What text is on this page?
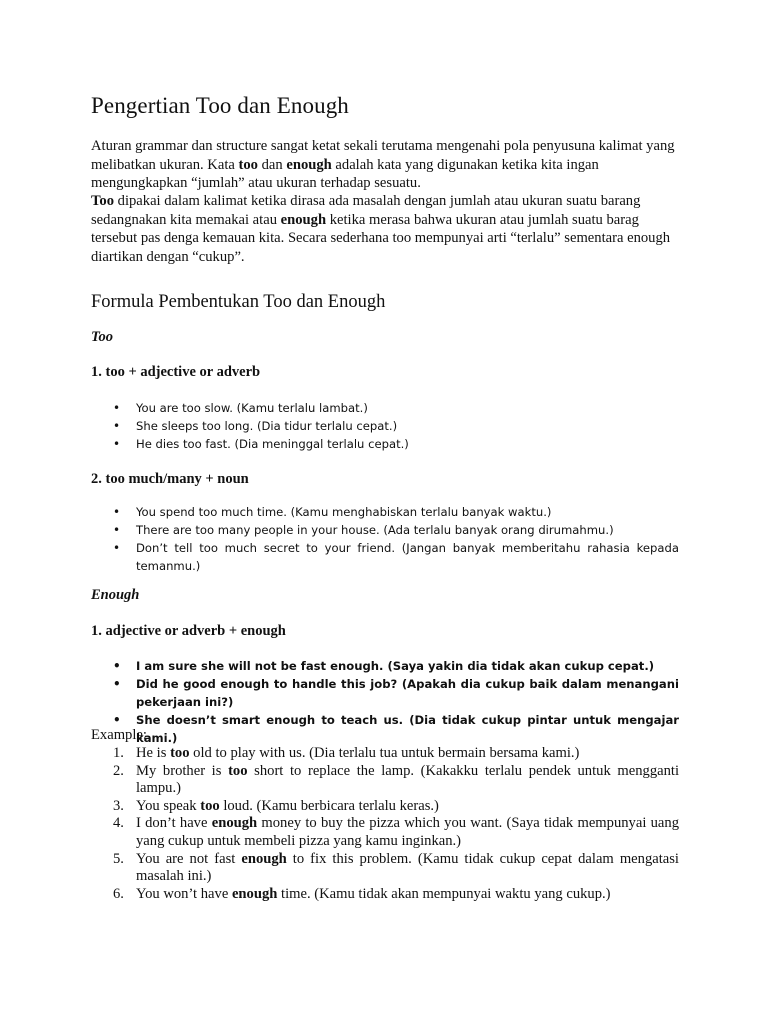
Pengertian Too dan Enough

Aturan grammar dan structure sangat ketat sekali terutama mengenahi pola penyusuna kalimat yang melibatkan ukuran. Kata too dan enough adalah kata yang digunakan ketika kita ingan mengungkapkan “jumlah” atau ukuran terhadap sesuatu.

Too dipakai dalam kalimat ketika dirasa ada masalah dengan jumlah atau ukuran suatu barang sedangnakan kita memakai atau enough ketika merasa bahwa ukuran atau jumlah suatu barag tersebut pas denga kemauan kita. Secara sederhana too mempunyai arti “terlalu” sementara enough diartikan dengan “cukup”.

Formula Pembentukan Too dan Enough

Too

1. too + adjective or adverb

• You are too slow. (Kamu terlalu lambat.)
• She sleeps too long. (Dia tidur terlalu cepat.)
• He dies too fast. (Dia meninggal terlalu cepat.)

2. too much/many + noun

• You spend too much time. (Kamu menghabiskan terlalu banyak waktu.)
• There are too many people in your house. (Ada terlalu banyak orang dirumahmu.)
• Don’t tell too much secret to your friend. (Jangan banyak memberitahu rahasia kepada temanmu.)

Enough

1. adjective or adverb + enough

• I am sure she will not be fast enough. (Saya yakin dia tidak akan cukup cepat.)
• Did he good enough to handle this job? (Apakah dia cukup baik dalam menangani pekerjaan ini?)
• She doesn’t smart enough to teach us. (Dia tidak cukup pintar untuk mengajar kami.)

Example:

1. He is too old to play with us. (Dia terlalu tua untuk bermain bersama kami.)
2. My brother is too short to replace the lamp. (Kakakku terlalu pendek untuk mengganti lampu.)
3. You speak too loud. (Kamu berbicara terlalu keras.)
4. I don’t have enough money to buy the pizza which you want. (Saya tidak mempunyai uang yang cukup untuk membeli pizza yang kamu inginkan.)
5. You are not fast enough to fix this problem. (Kamu tidak cukup cepat dalam mengatasi masalah ini.)
6. You won’t have enough time. (Kamu tidak akan mempunyai waktu yang cukup.)
